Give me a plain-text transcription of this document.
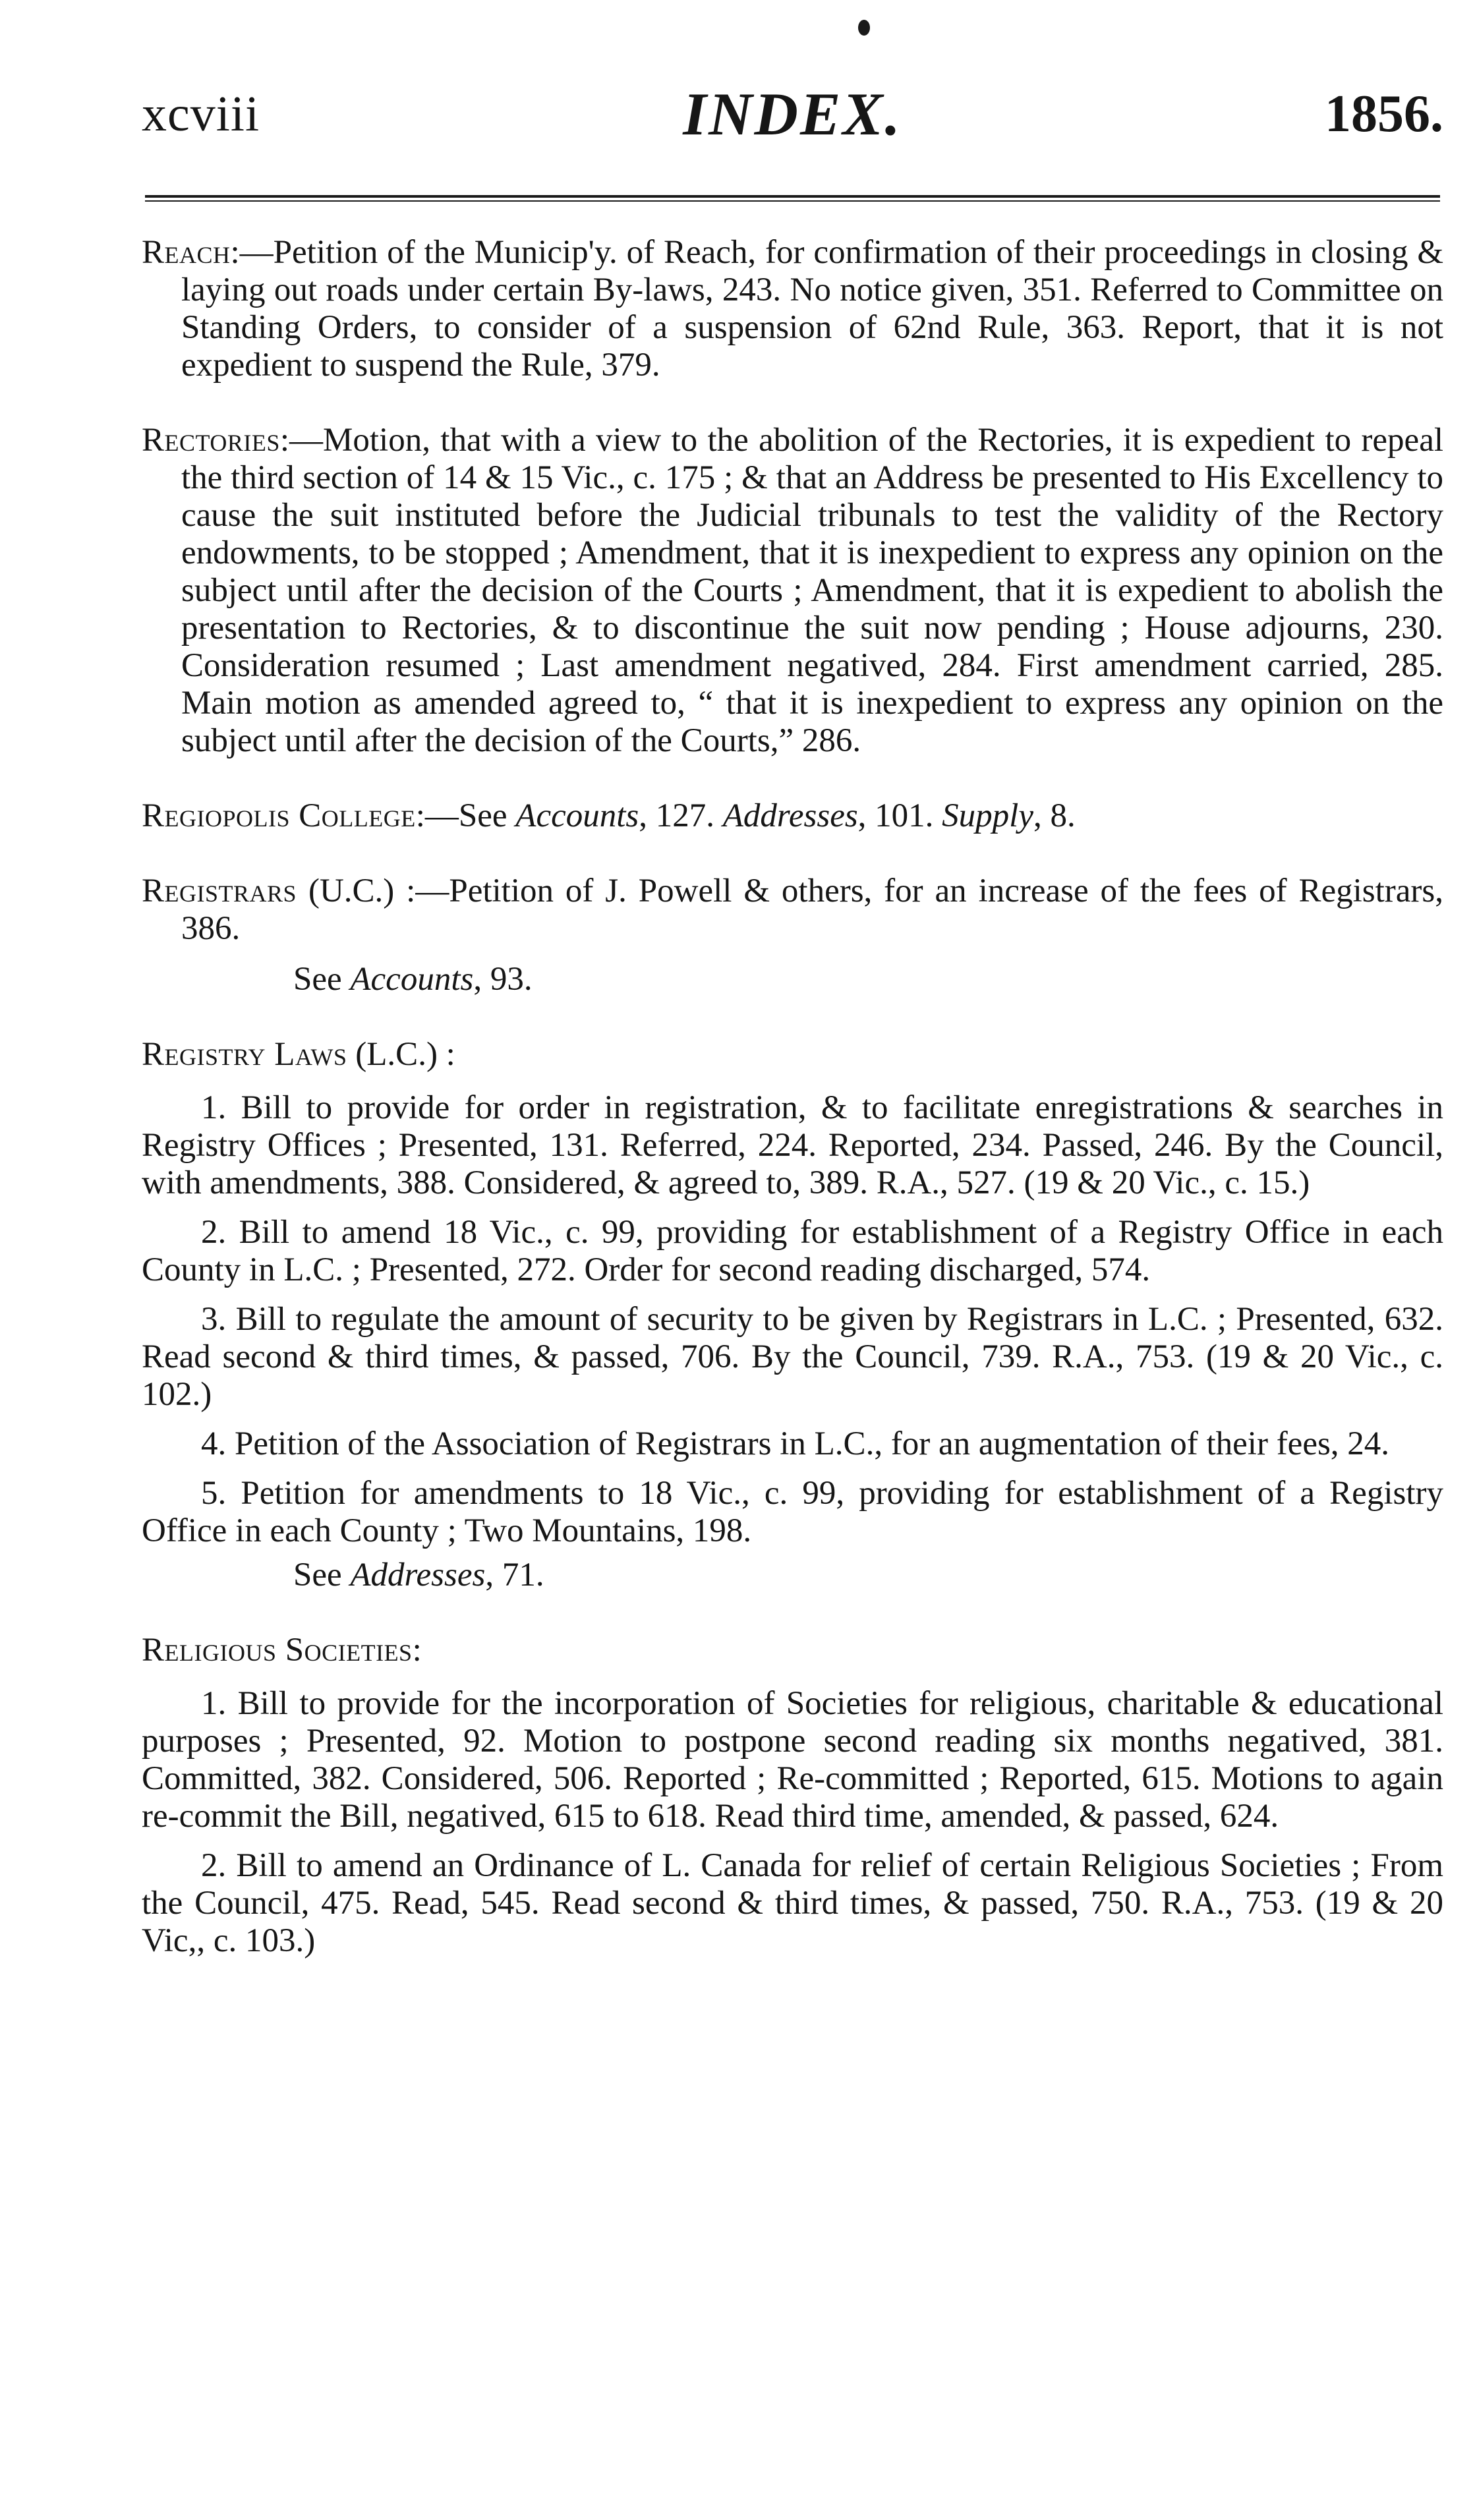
xcviii	INDEX.	1856.

Reach:—Petition of the Municip'y. of Reach, for confirmation of their proceedings in closing & laying out roads under certain By-laws, 243. No notice given, 351. Referred to Committee on Standing Orders, to consider of a suspension of 62nd Rule, 363. Report, that it is not expedient to suspend the Rule, 379.

Rectories:—Motion, that with a view to the abolition of the Rectories, it is expedient to repeal the third section of 14 & 15 Vic., c. 175 ; & that an Address be presented to His Excellency to cause the suit instituted before the Judicial tribunals to test the validity of the Rectory endowments, to be stopped ; Amendment, that it is inexpedient to express any opinion on the subject until after the decision of the Courts ; Amendment, that it is expedient to abolish the presentation to Rectories, & to discontinue the suit now pending ; House adjourns, 230. Consideration resumed ; Last amendment negatived, 284. First amendment carried, 285. Main motion as amended agreed to, “ that it is inexpedient to express any opinion on the subject until after the decision of the Courts,” 286.

Regiopolis College:—See Accounts, 127. Addresses, 101. Supply, 8.

Registrars (U.C.) :—Petition of J. Powell & others, for an increase of the fees of Registrars, 386.

See Accounts, 93.

Registry Laws (L.C.) :

1. Bill to provide for order in registration, & to facilitate enregistrations & searches in Registry Offices ; Presented, 131. Referred, 224. Reported, 234. Passed, 246. By the Council, with amendments, 388. Considered, & agreed to, 389. R.A., 527. (19 & 20 Vic., c. 15.)

2. Bill to amend 18 Vic., c. 99, providing for establishment of a Registry Office in each County in L.C. ; Presented, 272. Order for second reading discharged, 574.

3. Bill to regulate the amount of security to be given by Registrars in L.C. ; Presented, 632. Read second & third times, & passed, 706. By the Council, 739. R.A., 753. (19 & 20 Vic., c. 102.)

4. Petition of the Association of Registrars in L.C., for an augmentation of their fees, 24.

5. Petition for amendments to 18 Vic., c. 99, providing for establishment of a Registry Office in each County ; Two Mountains, 198.

See Addresses, 71.

Religious Societies:

1. Bill to provide for the incorporation of Societies for religious, charitable & educational purposes ; Presented, 92. Motion to postpone second reading six months negatived, 381. Committed, 382. Considered, 506. Reported ; Re-committed ; Reported, 615. Motions to again re-commit the Bill, negatived, 615 to 618. Read third time, amended, & passed, 624.

2. Bill to amend an Ordinance of L. Canada for relief of certain Religious Societies ; From the Council, 475. Read, 545. Read second & third times, & passed, 750. R.A., 753. (19 & 20 Vic,, c. 103.)
